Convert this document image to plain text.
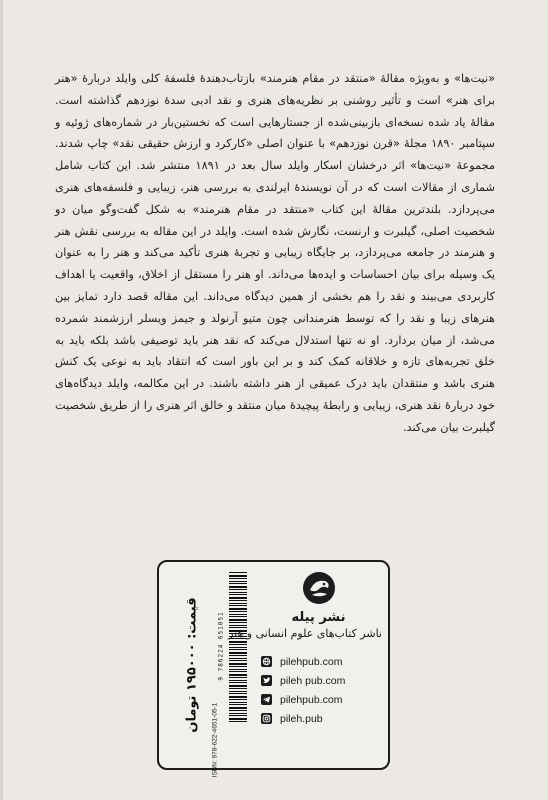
«نیت‌ها» و به‌ویژه مقالهٔ «منتقد در مقام هنرمند» بازتاب‌دهندهٔ فلسفهٔ کلی وایلد دربارهٔ «هنر برای هنر» است و تأثیر روشنی بر نظریه‌های هنری و نقد ادبی سدهٔ نوزدهم گذاشته است. مقالهٔ یاد شده نسخه‌ای بازبینی‌شده از جستارهایی است که نخستین‌بار در شماره‌های ژوئیه و سپتامبر ۱۸۹۰ مجلهٔ «قرن نوزدهم» با عنوان اصلی «کارکرد و ارزش حقیقی نقد» چاپ شدند. مجموعهٔ «نیت‌ها» اثر درخشان اسکار وایلد سال بعد در ۱۸۹۱ منتشر شد. این کتاب شامل شماری از مقالات است که در آن نویسندهٔ ایرلندی به بررسی هنر، زیبایی و فلسفه‌های هنری می‌پردازد. بلندترین مقالهٔ این کتاب «منتقد در مقام هنرمند» به شکل گفت‌وگو میان دو شخصیت اصلی، گیلبرت و ارنست، نگارش شده است. وایلد در این مقاله به بررسی نقش هنر و هنرمند در جامعه می‌پردازد، بر جایگاه زیبایی و تجربهٔ هنری تأکید می‌کند و هنر را به عنوان یک وسیله برای بیان احساسات و ایده‌ها می‌داند. او هنر را مستقل از اخلاق، واقعیت یا اهداف کاربردی می‌بیند و نقد را هم بخشی از همین دیدگاه می‌داند. این مقاله قصد دارد تمایز بین هنرهای زیبا و نقد را که توسط هنرمندانی چون متیو آرنولد و جیمز ویسلر ارزشمند شمرده می‌شد، از میان بردارد. او نه تنها استدلال می‌کند که نقد هنر باید توصیفی باشد بلکه باید به خلق تجربه‌های تازه و خلاقانه کمک کند و بر این باور است که انتقاد باید به نوعی یک کنش هنری باشد و منتقدان باید درک عمیقی از هنر داشته باشند. در این مکالمه، وایلد دیدگاه‌های خود دربارهٔ نقد هنری، زیبایی و رابطهٔ پیچیدهٔ میان منتقد و خالق اثر هنری را از طریق شخصیت گیلبرت بیان می‌کند.

قیمت: ۱۹۵۰۰۰ تومان	9 786224 651051
ISBN: 978-622-4651-05-1
نشر پیله
ناشر کتاب‌های علوم انسانی و هنر
pilehpub.com
pileh pub.com
pilehpub.com
pileh.pub
